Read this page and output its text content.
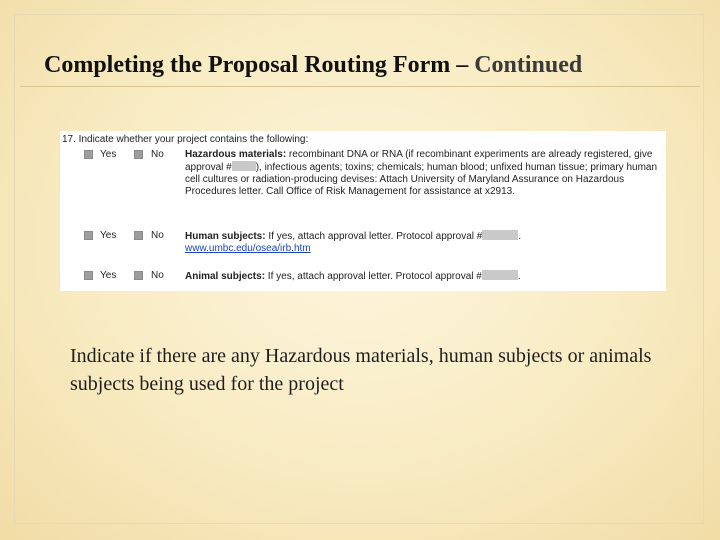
Completing the Proposal Routing Form – Continued
17. Indicate whether your project contains the following:
Yes	No Hazardous materials: recombinant DNA or RNA (if recombinant experiments are already registered, give approval # ), infectious agents; toxins; chemicals; human blood; unfixed human tissue; primary human cell cultures or radiation-producing devises: Attach University of Maryland Assurance on Hazardous Procedures letter. Call Office of Risk Management for assistance at x2913.
Yes	No Human subjects: If yes, attach approval letter. Protocol approval #	.
www.umbc.edu/osea/irb.htm
Yes	No Animal subjects: If yes, attach approval letter. Protocol approval #	.

Indicate if there are any Hazardous materials, human subjects or animals subjects being used for the project
